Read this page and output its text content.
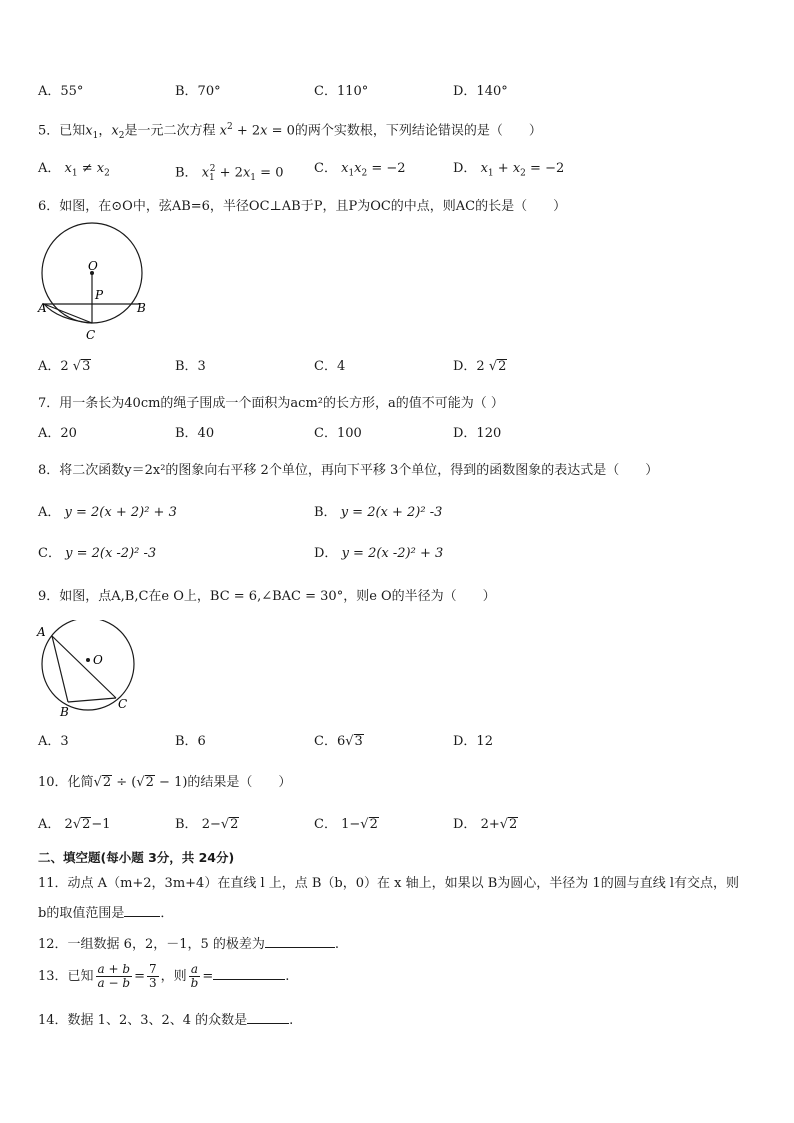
A．55°	B．70°	C．110°	D．140°
5．已知$x_1$，$x_2$是一元二次方程 $x^2 + 2x = 0$的两个实数根，下列结论错误的是（　　）
A． $x_1 \ne x_2$	B． $x_1^2 + 2x_1 = 0$ C． $x_1x_2 = -2$	D． $x_1 + x_2 = -2$
6．如图，在⊙O中，弦AB=6，半径OC⊥AB于P，且P为OC的中点，则AC的长是（　　）
O
P
A	B
C
A．2 √3	B．3	C．4	D．2 √2
7．用一条长为40cm的绳子围成一个面积为acm²的长方形，a的值不可能为（ ）
A．20	B．40	C．100	D．120
8．将二次函数y＝2x²的图象向右平移 2个单位，再向下平移 3个单位，得到的函数图象的表达式是（　　）
A． y = 2(x + 2)² + 3	B． y = 2(x + 2)² -3
C． y = 2(x -2)² -3	D． y = 2(x -2)² + 3
9．如图，点A,B,C在e O上，BC = 6,∠BAC = 30°，则e O的半径为（　　）
A
O
B
C
A．3	B．6	C．6√3	D．12
10．化简√2 ÷ (√2 − 1)的结果是（　　）
A． 2√2−1	B． 2−√2	C． 1−√2	D． 2+√2
二、填空题(每小题 3分，共 24分)
11．动点 A（m+2，3m+4）在直线 l 上，点 B（b，0）在 x 轴上，如果以 B为圆心，半径为 1的圆与直线 l有交点，则
b的取值范围是	．
12．一组数据 6，2，－1，5 的极差为	.
13．已知 $\frac{a + b}{a - b} = \frac{7}{3}$ ，则 $\frac{a}{b}$ =	.
14．数据 1、2、3、2、4 的众数是	.
